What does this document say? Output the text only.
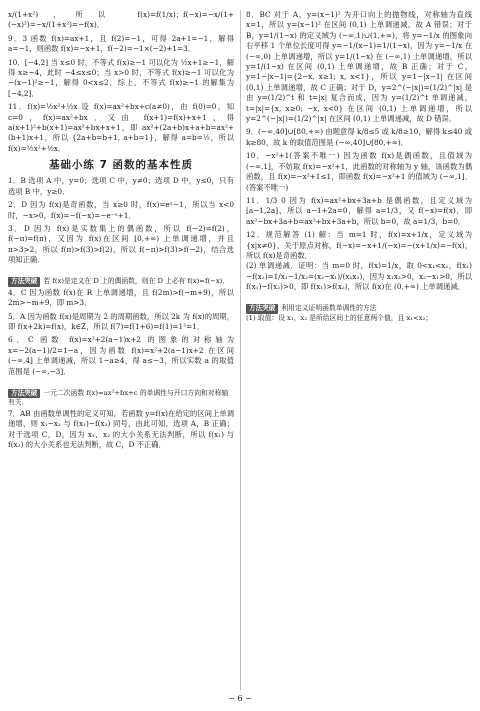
x/(1+x²)，所以 f(x)=f(1/x)；f(−x)=−x/(1+(−x)²)=−x/(1+x²)=−f(x)．

9．3 函数 f(x)=ax+1，且 f(2)=−1，可得 2a+1=−1，解得 a=−1，则函数 f(x)=−x+1，f(−2)=−1×(−2)+1=3．

10．[−4,2] 当 x≤0 时，不等式 f(x)≥−1 可以化为 ½x+1≥−1，解得 x≥−4，此时 −4≤x≤0；当 x>0 时，不等式 f(x)≥−1 可以化为 −(x−1)²≥−1，解得 0<x≤2．综上，不等式 f(x)≥−1 的解集为 [−4,2]．

11．f(x)=½x²+½x 设 f(x)=ax²+bx+c(a≠0)，由 f(0)=0，知 c=0，f(x)=ax²+bx．又由 f(x+1)=f(x)+x+1，得 a(x+1)²+b(x+1)=ax²+bx+x+1，即 ax²+(2a+b)x+a+b=ax²+(b+1)x+1，所以 {2a+b=b+1, a+b=1}，解得 a=b=½，所以 f(x)=½x²+½x．

基础小练 7 函数的基本性质

1．B 选项 A 中，y=0；选项 C 中，y≠0；选项 D 中，y≤0，只有选项 B 中，y≥0．

2．D 因为 f(x)是奇函数，当 x≥0 时，f(x)=eˣ−1，所以当 x<0 时，−x>0，f(x)=−f(−x)=−e⁻ˣ+1．

3．D 因为 f(x)是实数集上的偶函数，所以 f(−2)=f(2)，f(−π)=f(π)，又因为 f(x)在区间 [0,+∞) 上单调递增，并且 π>3>2，所以 f(π)>f(3)>f(2)，所以 f(−π)>f(3)>f(−2)，结合选项知正确．

方法突破 若 f(x)是定义在 D 上的偶函数，则在 D 上必有 f(x)=f(−x)．

4．C 因为函数 f(x)在 R 上单调递增，且 f(2m)>f(−m+9)，所以 2m>−m+9，即 m>3．

5．A 因为函数 f(x)是周期为 2 的周期函数，所以 2k 为 f(x)的周期，即 f(x+2k)=f(x)，k∈Z，所以 f(7)=f(1+6)=f(1)=1²=1．

6．C 函数 f(x)=x²+2(a−1)x+2 的图象的对称轴为 x=−2(a−1)/2=1−a，因为函数 f(x)=x²+2(a−1)x+2 在区间 (−∞,4] 上单调递减，所以 1−a≥4，得 a≤−3，所以实数 a 的取值范围是 (−∞,−3]．

方法突破 一元二次函数 f(x)=ax²+bx+c 的单调性与开口方向和对称轴有关．

7．AB 由函数单调性的定义可知，若函数 y=f(x)在给定的区间上单调递增，则 x₁−x₂ 与 f(x₁)−f(x₂) 同号，由此可知，选项 A，B 正确；对于选项 C，D，因为 x₁，x₂ 的大小关系无法判断，所以 f(x₁) 与 f(x₂) 的大小关系也无法判断，故 C，D 不正确．

8．BC 对于 A，y=(x−1)² 为开口向上的抛物线，对称轴为直线 x=1，所以 y=(x−1)² 在区间 (0,1) 上单调递减，故 A 错误；对于 B，y=1/(1−x) 的定义域为 (−∞,1)∪(1,+∞)，将 y=−1/x 的图象向右平移 1 个单位长度可得 y=−1/(x−1)=1/(1−x)，因为 y=−1/x 在 (−∞,0) 上单调递增，所以 y=1/(1−x) 在 (−∞,1) 上单调递增，所以 y=1/(1−x) 在区间 (0,1) 上单调递增，故 B 正确；对于 C，y=1−|x−1|={2−x, x≥1; x, x<1}，所以 y=1−|x−1| 在区间 (0,1) 上单调递增，故 C 正确；对于 D，y=2^(−|x|)=(1/2)^|x| 是由 y=(1/2)^t 和 t=|x| 复合而成，因为 y=(1/2)^t 单调递减，t=|x|={x, x≥0; −x, x<0} 在区间 (0,1) 上单调递增，所以 y=2^(−|x|)=(1/2)^|x| 在区间 (0,1) 上单调递减，故 D 错误．

9．(−∞,40]∪[80,+∞) 由题意得 k/8≤5 或 k/8≥10，解得 k≤40 或 k≥80，故 k 的取值范围是 (−∞,40]∪[80,+∞)．

10．−x²+1(答案不唯一) 因为函数 f(x)是偶函数，且值域为 (−∞,1]，不妨取 f(x)=−x²+1，此函数的对称轴为 y 轴，该函数为偶函数，且 f(x)=−x²+1≤1，即函数 f(x)=−x²+1 的值域为 (−∞,1]．(答案不唯一)

11．1/3 0 因为 f(x)=ax²+bx+3a+b 是偶函数，且定义域为 [a−1,2a]，所以 a−1+2a=0，解得 a=1/3，又 f(−x)=f(x)，即 ax²−bx+3a+b=ax²+bx+3a+b，所以 b=0，故 a=1/3，b=0．

12．规范解答 (1) 解：当 m=1 时，f(x)=x+1/x，定义域为 {x|x≠0}，关于原点对称，f(−x)=−x+1/(−x)=−(x+1/x)=−f(x)，所以 f(x)是奇函数．
(2) 单调递减．证明：当 m=0 时，f(x)=1/x，取 0<x₁<x₂，f(x₁)−f(x₂)=1/x₁−1/x₂=(x₂−x₁)/(x₁x₂)，因为 x₁x₂>0，x₂−x₁>0，所以 f(x₁)−f(x₂)>0，即 f(x₁)>f(x₂)，所以 f(x)在 (0,+∞) 上单调递减．

方法突破 利用定义证明函数单调性的方法
(1) 取值：设 x₁，x₂ 是所给区间上的任意两个值，且 x₁<x₂；

− 6 −
